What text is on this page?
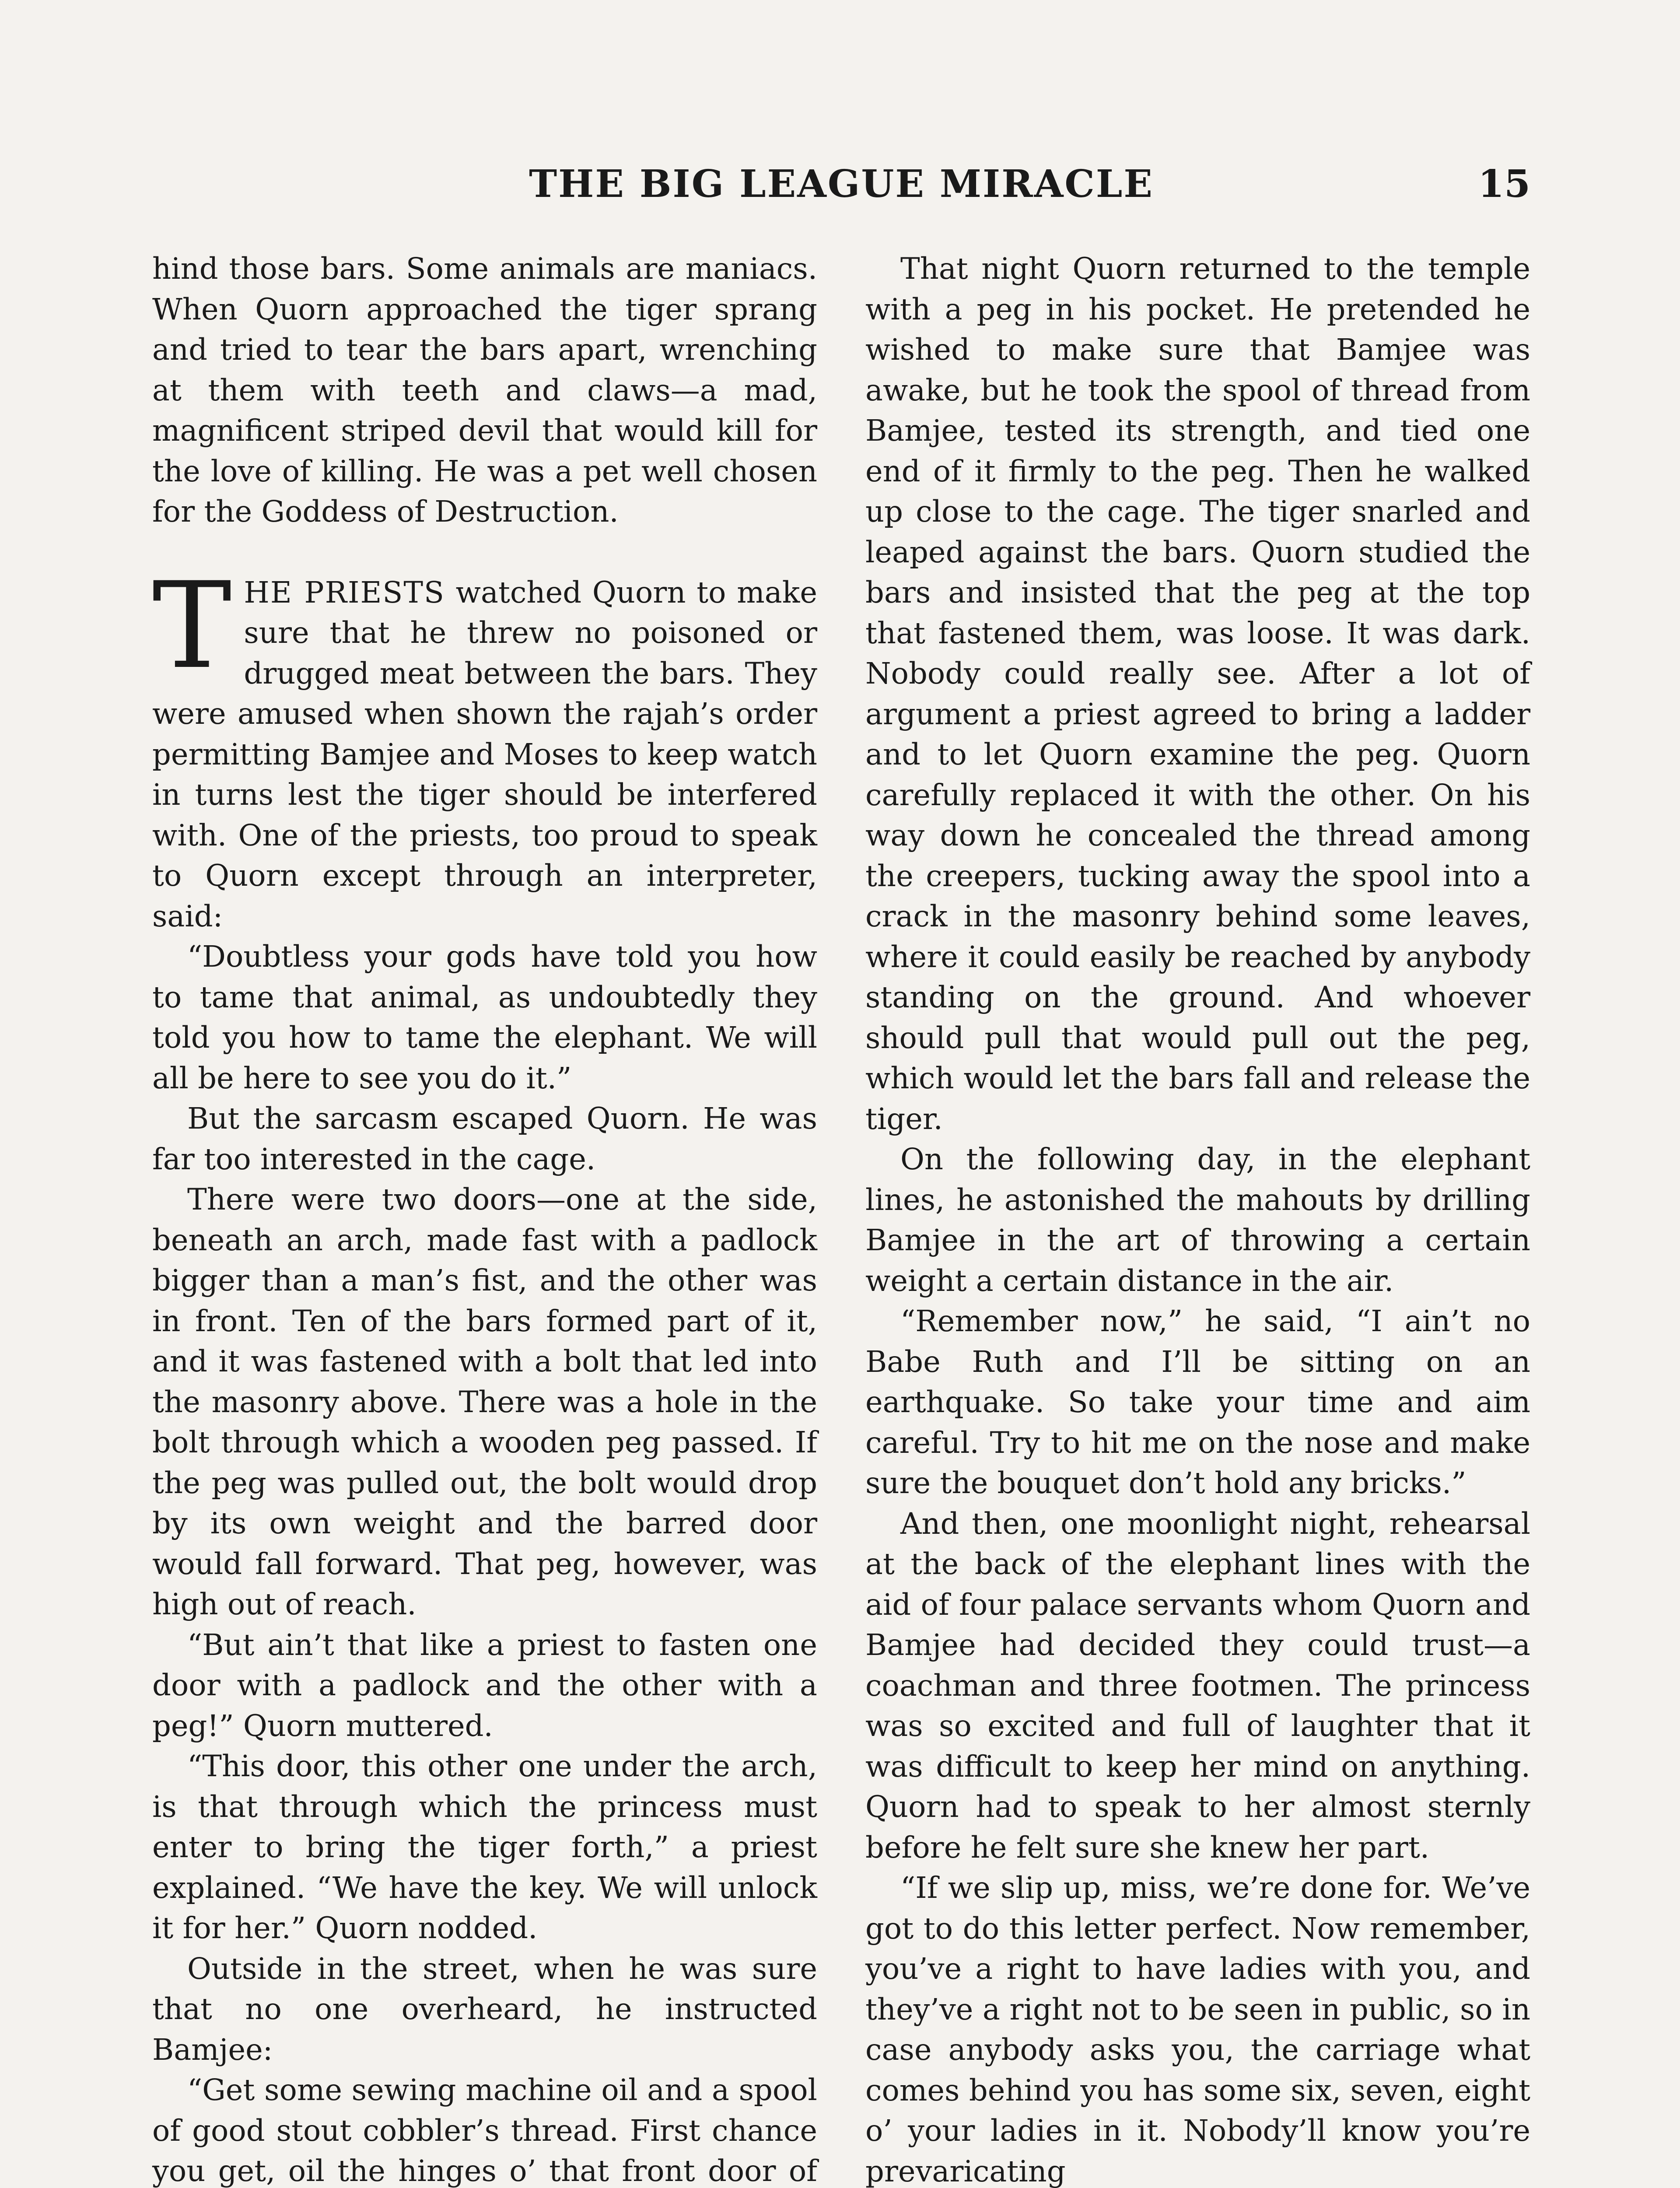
THE BIG LEAGUE MIRACLE	15

hind those bars. Some animals are maniacs. When Quorn approached the tiger sprang and tried to tear the bars apart, wrenching at them with teeth and claws—a mad, magnificent striped devil that would kill for the love of killing. He was a pet well chosen for the Goddess of Destruction.

THE PRIESTS watched Quorn to make sure that he threw no poisoned or drugged meat between the bars. They were amused when shown the rajah’s order permitting Bamjee and Moses to keep watch in turns lest the tiger should be interfered with. One of the priests, too proud to speak to Quorn except through an interpreter, said:

“Doubtless your gods have told you how to tame that animal, as undoubtedly they told you how to tame the elephant. We will all be here to see you do it.”

But the sarcasm escaped Quorn. He was far too interested in the cage.

There were two doors—one at the side, beneath an arch, made fast with a padlock bigger than a man’s fist, and the other was in front. Ten of the bars formed part of it, and it was fastened with a bolt that led into the masonry above. There was a hole in the bolt through which a wooden peg passed. If the peg was pulled out, the bolt would drop by its own weight and the barred door would fall forward. That peg, however, was high out of reach.

“But ain’t that like a priest to fasten one door with a padlock and the other with a peg!” Quorn muttered.

“This door, this other one under the arch, is that through which the princess must enter to bring the tiger forth,” a priest explained. “We have the key. We will unlock it for her.” Quorn nodded.

Outside in the street, when he was sure that no one overheard, he instructed Bamjee:

“Get some sewing machine oil and a spool of good stout cobbler’s thread. First chance you get, oil the hinges o’ that front door of

That night Quorn returned to the temple with a peg in his pocket. He pretended he wished to make sure that Bamjee was awake, but he took the spool of thread from Bamjee, tested its strength, and tied one end of it firmly to the peg. Then he walked up close to the cage. The tiger snarled and leaped against the bars. Quorn studied the bars and insisted that the peg at the top that fastened them, was loose. It was dark. Nobody could really see. After a lot of argument a priest agreed to bring a ladder and to let Quorn examine the peg. Quorn carefully replaced it with the other. On his way down he concealed the thread among the creepers, tucking away the spool into a crack in the masonry behind some leaves, where it could easily be reached by anybody standing on the ground. And whoever should pull that would pull out the peg, which would let the bars fall and release the tiger.

On the following day, in the elephant lines, he astonished the mahouts by drilling Bamjee in the art of throwing a certain weight a certain distance in the air.

“Remember now,” he said, “I ain’t no Babe Ruth and I’ll be sitting on an earthquake. So take your time and aim careful. Try to hit me on the nose and make sure the bouquet don’t hold any bricks.”

And then, one moonlight night, rehearsal at the back of the elephant lines with the aid of four palace servants whom Quorn and Bamjee had decided they could trust—a coachman and three footmen. The princess was so excited and full of laughter that it was difficult to keep her mind on anything. Quorn had to speak to her almost sternly before he felt sure she knew her part.

“If we slip up, miss, we’re done for. We’ve got to do this letter perfect. Now remember, you’ve a right to have ladies with you, and they’ve a right not to be seen in public, so in case anybody asks you, the carriage what comes behind you has some six, seven, eight o’ your ladies in it. Nobody’ll know you’re prevaricating
